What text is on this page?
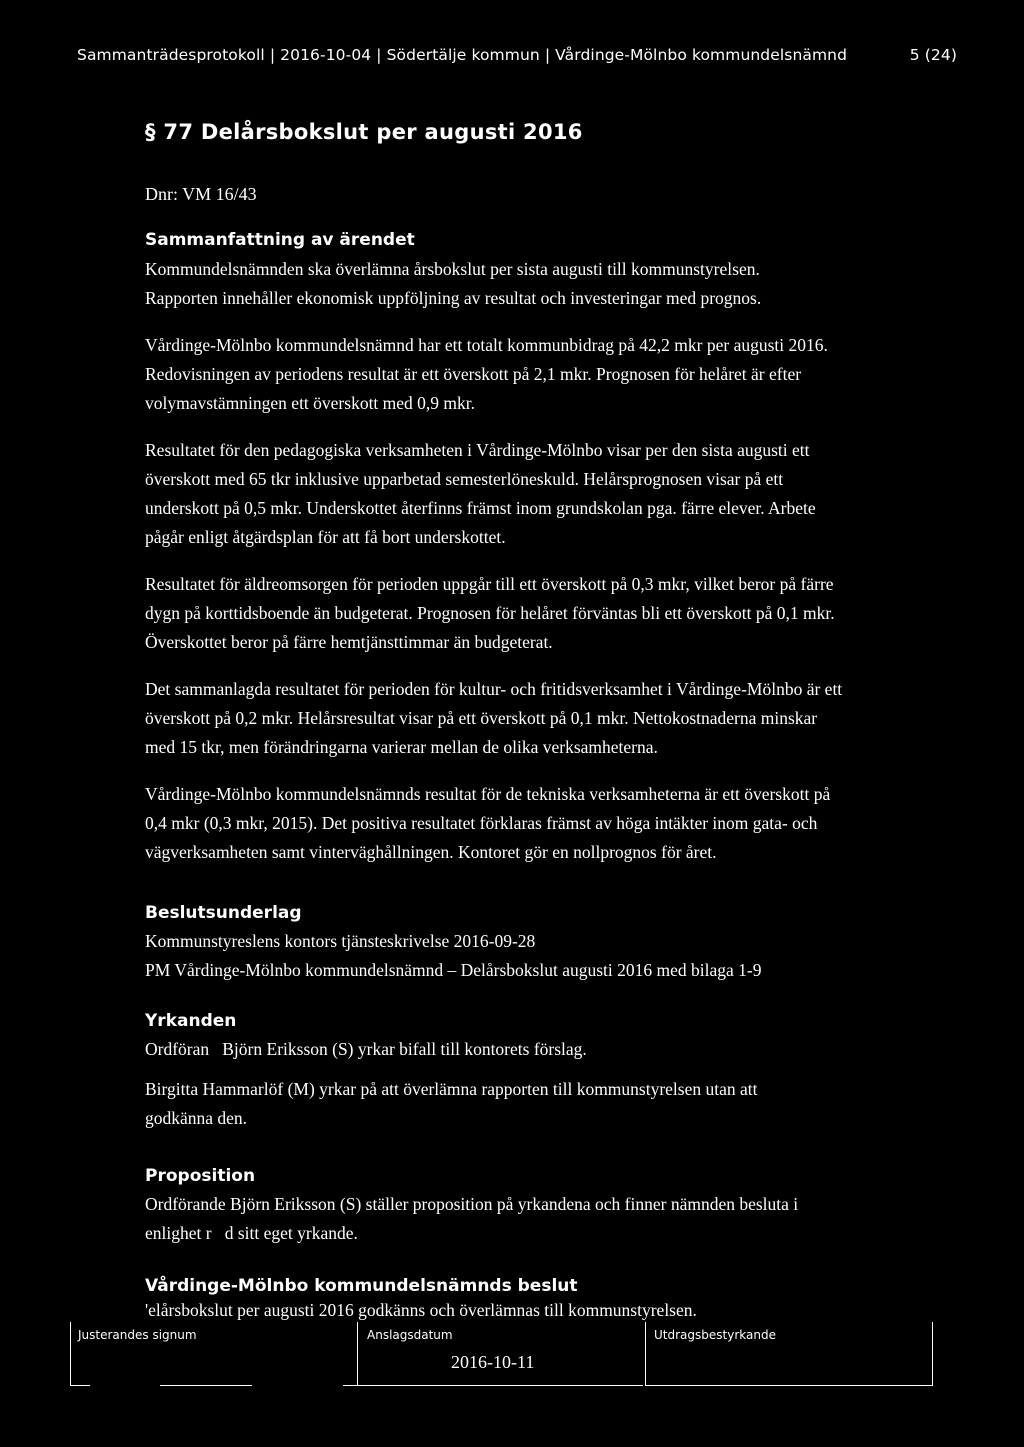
Sammanträdesprotokoll | 2016-10-04 | Södertälje kommun | Vårdinge-Mölnbo kommundelsnämnd	5 (24)
§ 77 Delårsbokslut per augusti 2016
Dnr: VM 16/43
Sammanfattning av ärendet

Kommundelsnämnden ska överlämna årsbokslut per sista augusti till kommunstyrelsen.
Rapporten innehåller ekonomisk uppföljning av resultat och investeringar med prognos.

Vårdinge-Mölnbo kommundelsnämnd har ett totalt kommunbidrag på 42,2 mkr per augusti 2016.
Redovisningen av periodens resultat är ett överskott på 2,1 mkr. Prognosen för helåret är efter
volymavstämningen ett överskott med 0,9 mkr.

Resultatet för den pedagogiska verksamheten i Vårdinge-Mölnbo visar per den sista augusti ett
överskott med 65 tkr inklusive upparbetad semesterlöneskuld. Helårsprognosen visar på ett
underskott på 0,5 mkr. Underskottet återfinns främst inom grundskolan pga. färre elever. Arbete
pågår enligt åtgärdsplan för att få bort underskottet.

Resultatet för äldreomsorgen för perioden uppgår till ett överskott på 0,3 mkr, vilket beror på färre
dygn på korttidsboende än budgeterat. Prognosen för helåret förväntas bli ett överskott på 0,1 mkr.
Överskottet beror på färre hemtjänsttimmar än budgeterat.

Det sammanlagda resultatet för perioden för kultur- och fritidsverksamhet i Vårdinge-Mölnbo är ett
överskott på 0,2 mkr. Helårsresultat visar på ett överskott på 0,1 mkr. Nettokostnaderna minskar
med 15 tkr, men förändringarna varierar mellan de olika verksamheterna.

Vårdinge-Mölnbo kommundelsnämnds resultat för de tekniska verksamheterna är ett överskott på
0,4 mkr (0,3 mkr, 2015). Det positiva resultatet förklaras främst av höga intäkter inom gata- och
vägverksamheten samt vinterväghållningen. Kontoret gör en nollprognos för året.

Beslutsunderlag

Kommunstyreslens kontors tjänsteskrivelse 2016-09-28

PM Vårdinge-Mölnbo kommundelsnämnd – Delårsbokslut augusti 2016 med bilaga 1-9

Yrkanden

Ordföran   Björn Eriksson (S) yrkar bifall till kontorets förslag.

Birgitta Hammarlöf (M) yrkar på att överlämna rapporten till kommunstyrelsen utan att
godkänna den.

Proposition

Ordförande Björn Eriksson (S) ställer proposition på yrkandena och finner nämnden besluta i
enlighet r   d sitt eget yrkande.

Vårdinge-Mölnbo kommundelsnämnds beslut

'elårsbokslut per augusti 2016 godkänns och överlämnas till kommunstyrelsen.

Justerandes signum	Anslagsdatum
2016-10-11
Utdragsbestyrkande
